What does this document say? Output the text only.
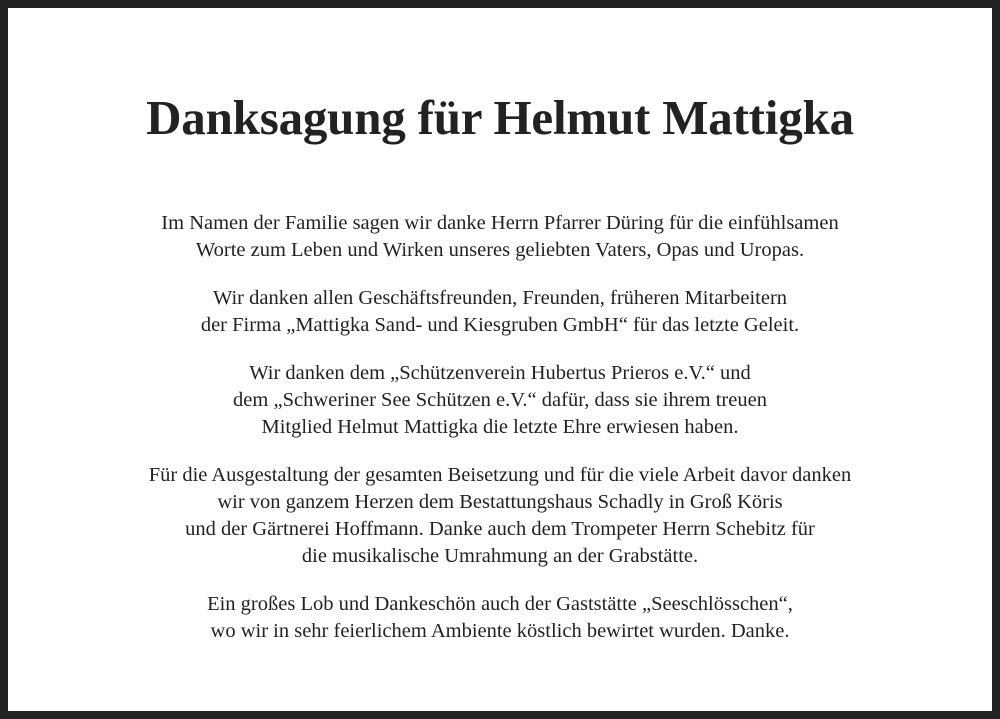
Danksagung für Helmut Mattigka

Im Namen der Familie sagen wir danke Herrn Pfarrer Düring für die einfühlsamen
Worte zum Leben und Wirken unseres geliebten Vaters, Opas und Uropas.

Wir danken allen Geschäftsfreunden, Freunden, früheren Mitarbeitern
der Firma „Mattigka Sand- und Kiesgruben GmbH“ für das letzte Geleit.

Wir danken dem „Schützenverein Hubertus Prieros e.V.“ und
dem „Schweriner See Schützen e.V.“ dafür, dass sie ihrem treuen
Mitglied Helmut Mattigka die letzte Ehre erwiesen haben.

Für die Ausgestaltung der gesamten Beisetzung und für die viele Arbeit davor danken
wir von ganzem Herzen dem Bestattungshaus Schadly in Groß Köris
und der Gärtnerei Hoffmann. Danke auch dem Trompeter Herrn Schebitz für
die musikalische Umrahmung an der Grabstätte.

Ein großes Lob und Dankeschön auch der Gaststätte „Seeschlösschen“,
wo wir in sehr feierlichem Ambiente köstlich bewirtet wurden. Danke.
